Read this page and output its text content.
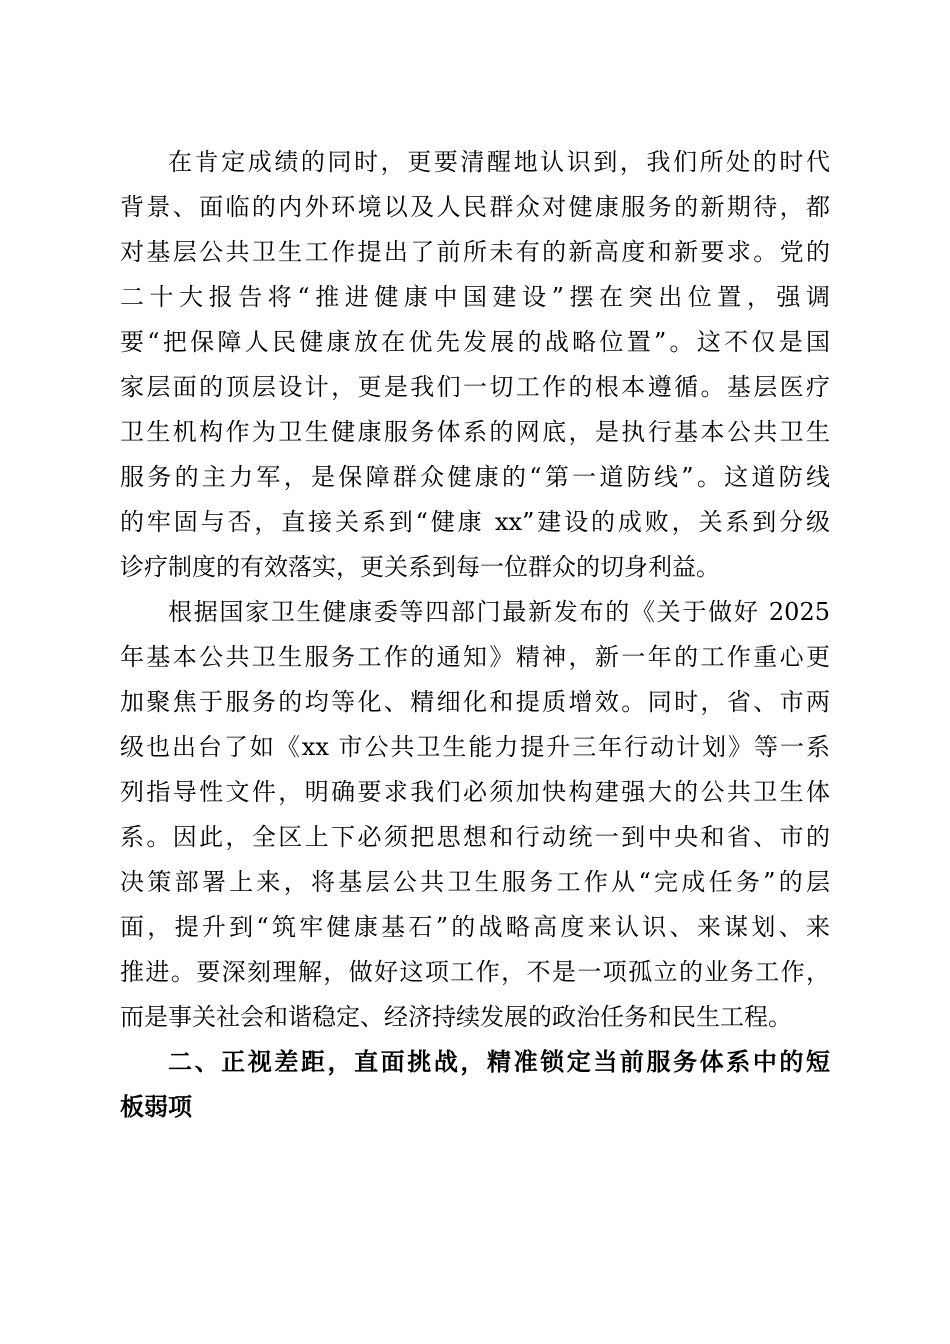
在肯定成绩的同时，更要清醒地认识到，我们所处的时代
背景、面临的内外环境以及人民群众对健康服务的新期待，都
对基层公共卫生工作提出了前所未有的新高度和新要求。党的
二十大报告将“推进健康中国建设”摆在突出位置，强调
要“把保障人民健康放在优先发展的战略位置”。这不仅是国
家层面的顶层设计，更是我们一切工作的根本遵循。基层医疗
卫生机构作为卫生健康服务体系的网底，是执行基本公共卫生
服务的主力军，是保障群众健康的“第一道防线”。这道防线
的牢固与否，直接关系到“健康 xx”建设的成败，关系到分级
诊疗制度的有效落实，更关系到每一位群众的切身利益。
根据国家卫生健康委等四部门最新发布的《关于做好 2025
年基本公共卫生服务工作的通知》精神，新一年的工作重心更
加聚焦于服务的均等化、精细化和提质增效。同时，省、市两
级也出台了如《xx 市公共卫生能力提升三年行动计划》等一系
列指导性文件，明确要求我们必须加快构建强大的公共卫生体
系。因此，全区上下必须把思想和行动统一到中央和省、市的
决策部署上来，将基层公共卫生服务工作从“完成任务”的层
面，提升到“筑牢健康基石”的战略高度来认识、来谋划、来
推进。要深刻理解，做好这项工作，不是一项孤立的业务工作，
而是事关社会和谐稳定、经济持续发展的政治任务和民生工程。
二、正视差距，直面挑战，精准锁定当前服务体系中的短
板弱项
